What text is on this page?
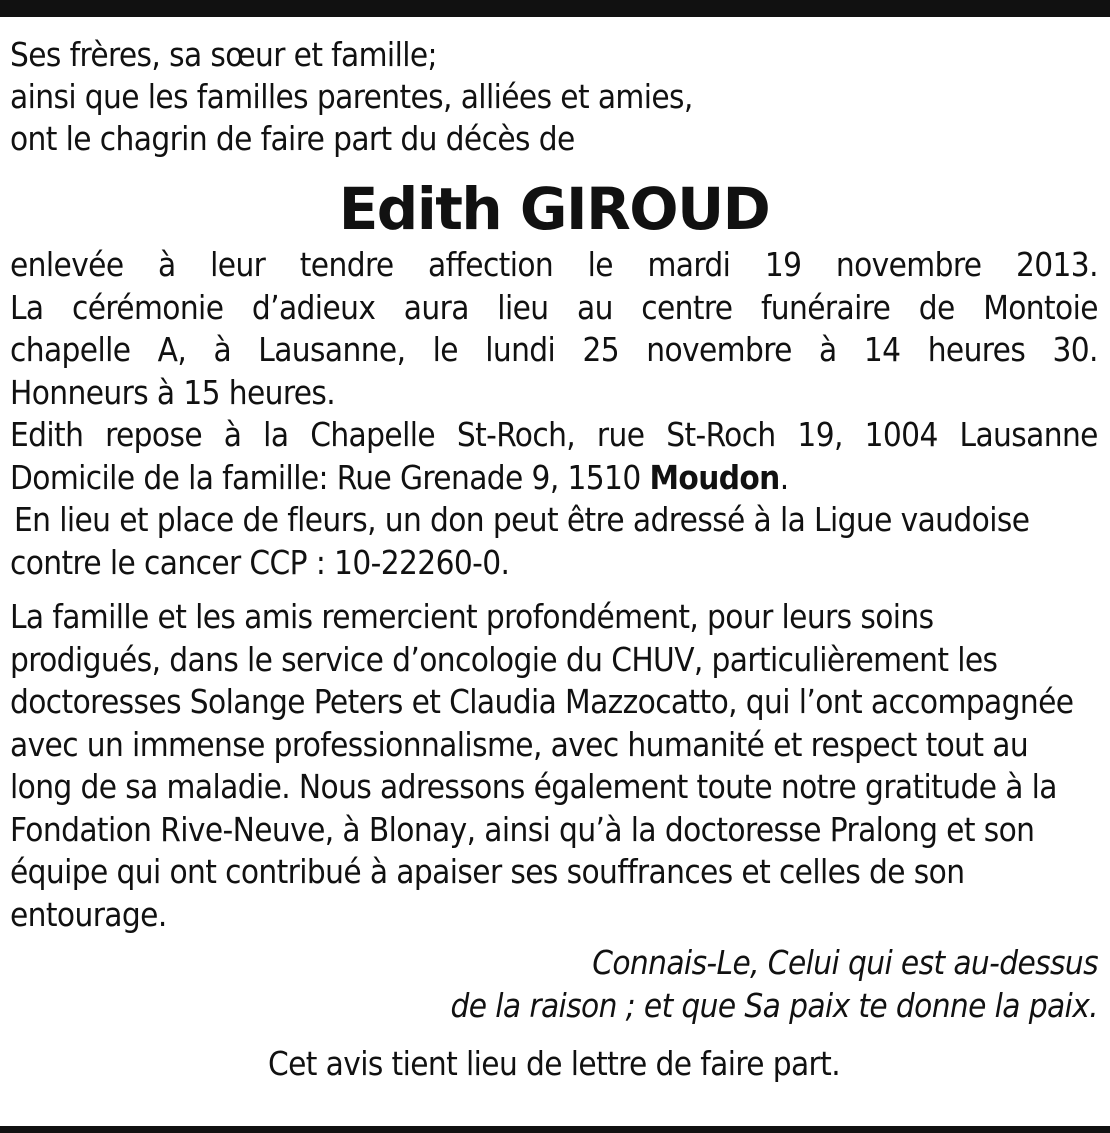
Ses frères, sa sœur et famille;
ainsi que les familles parentes, alliées et amies,
ont le chagrin de faire part du décès de
Edith GIROUD
enlevée à leur tendre affection le mardi 19 novembre 2013.
La cérémonie d’adieux aura lieu au centre funéraire de Montoie
chapelle A, à Lausanne, le lundi 25 novembre à 14 heures 30.
Honneurs à 15 heures.
Edith repose à la Chapelle St-Roch, rue St-Roch 19, 1004 Lausanne
Domicile de la famille: Rue Grenade 9, 1510 Moudon.
En lieu et place de fleurs, un don peut être adressé à la Ligue vaudoise
contre le cancer CCP : 10-22260-0.
La famille et les amis remercient profondément, pour leurs soins
prodigués, dans le service d’oncologie du CHUV, particulièrement les
doctoresses Solange Peters et Claudia Mazzocatto, qui l’ont accompagnée
avec un immense professionnalisme, avec humanité et respect tout au
long de sa maladie. Nous adressons également toute notre gratitude à la
Fondation Rive-Neuve, à Blonay, ainsi qu’à la doctoresse Pralong et son
équipe qui ont contribué à apaiser ses souffrances et celles de son
entourage.
Connais-Le, Celui qui est au-dessus
de la raison ; et que Sa paix te donne la paix.
Cet avis tient lieu de lettre de faire part.
